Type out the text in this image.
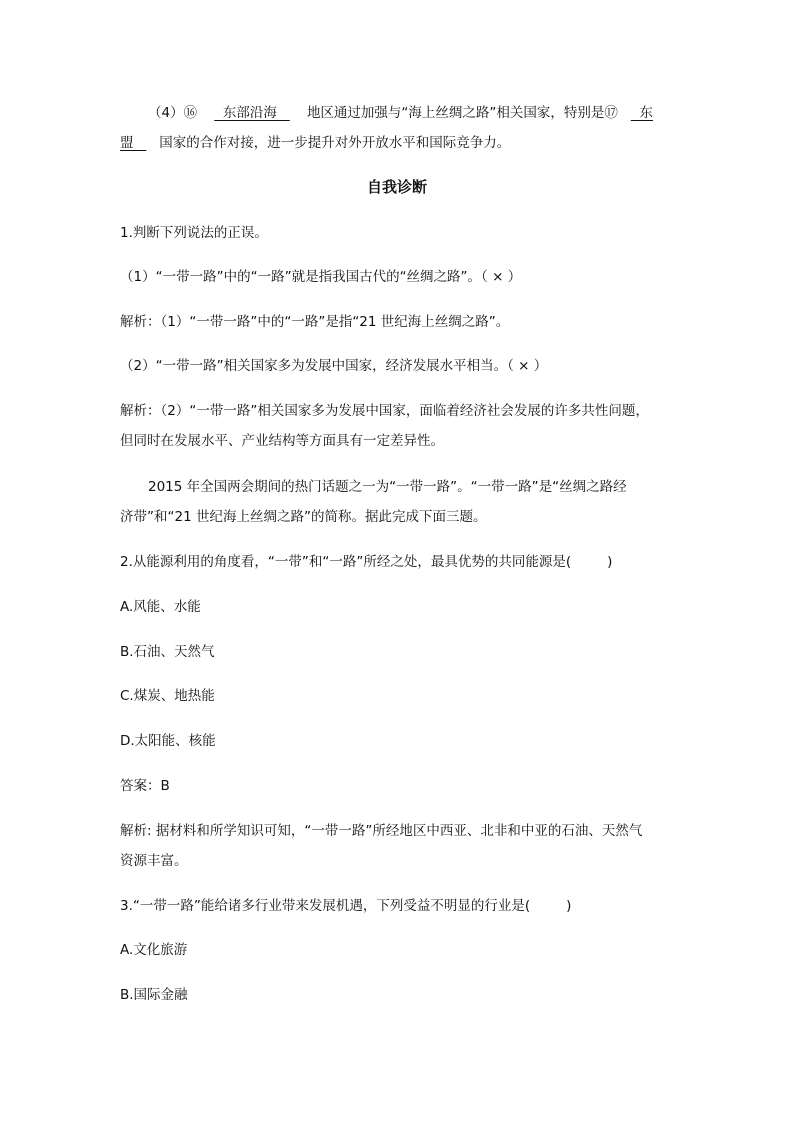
（4）⑯ 东部沿海 地区通过加强与“海上丝绸之路”相关国家，特别是⑰ 东
盟 国家的合作对接，进一步提升对外开放水平和国际竞争力。
自我诊断
1.判断下列说法的正误。
（1）“一带一路”中的“一路”就是指我国古代的“丝绸之路”。（ × ）
解析：（1）“一带一路”中的“一路”是指“21 世纪海上丝绸之路”。
（2）“一带一路”相关国家多为发展中国家，经济发展水平相当。（ × ）
解析：（2）“一带一路”相关国家多为发展中国家，面临着经济社会发展的许多共性问题，
但同时在发展水平、产业结构等方面具有一定差异性。
2015 年全国两会期间的热门话题之一为“一带一路”。“一带一路”是“丝绸之路经
济带”和“21 世纪海上丝绸之路”的简称。据此完成下面三题。
2.从能源利用的角度看，“一带”和“一路”所经之处，最具优势的共同能源是(	)
A.风能、水能
B.石油、天然气
C.煤炭、地热能
D.太阳能、核能
答案：B
解析: 据材料和所学知识可知，“一带一路”所经地区中西亚、北非和中亚的石油、天然气
资源丰富。
3.“一带一路”能给诸多行业带来发展机遇，下列受益不明显的行业是(	)
A.文化旅游
B.国际金融
